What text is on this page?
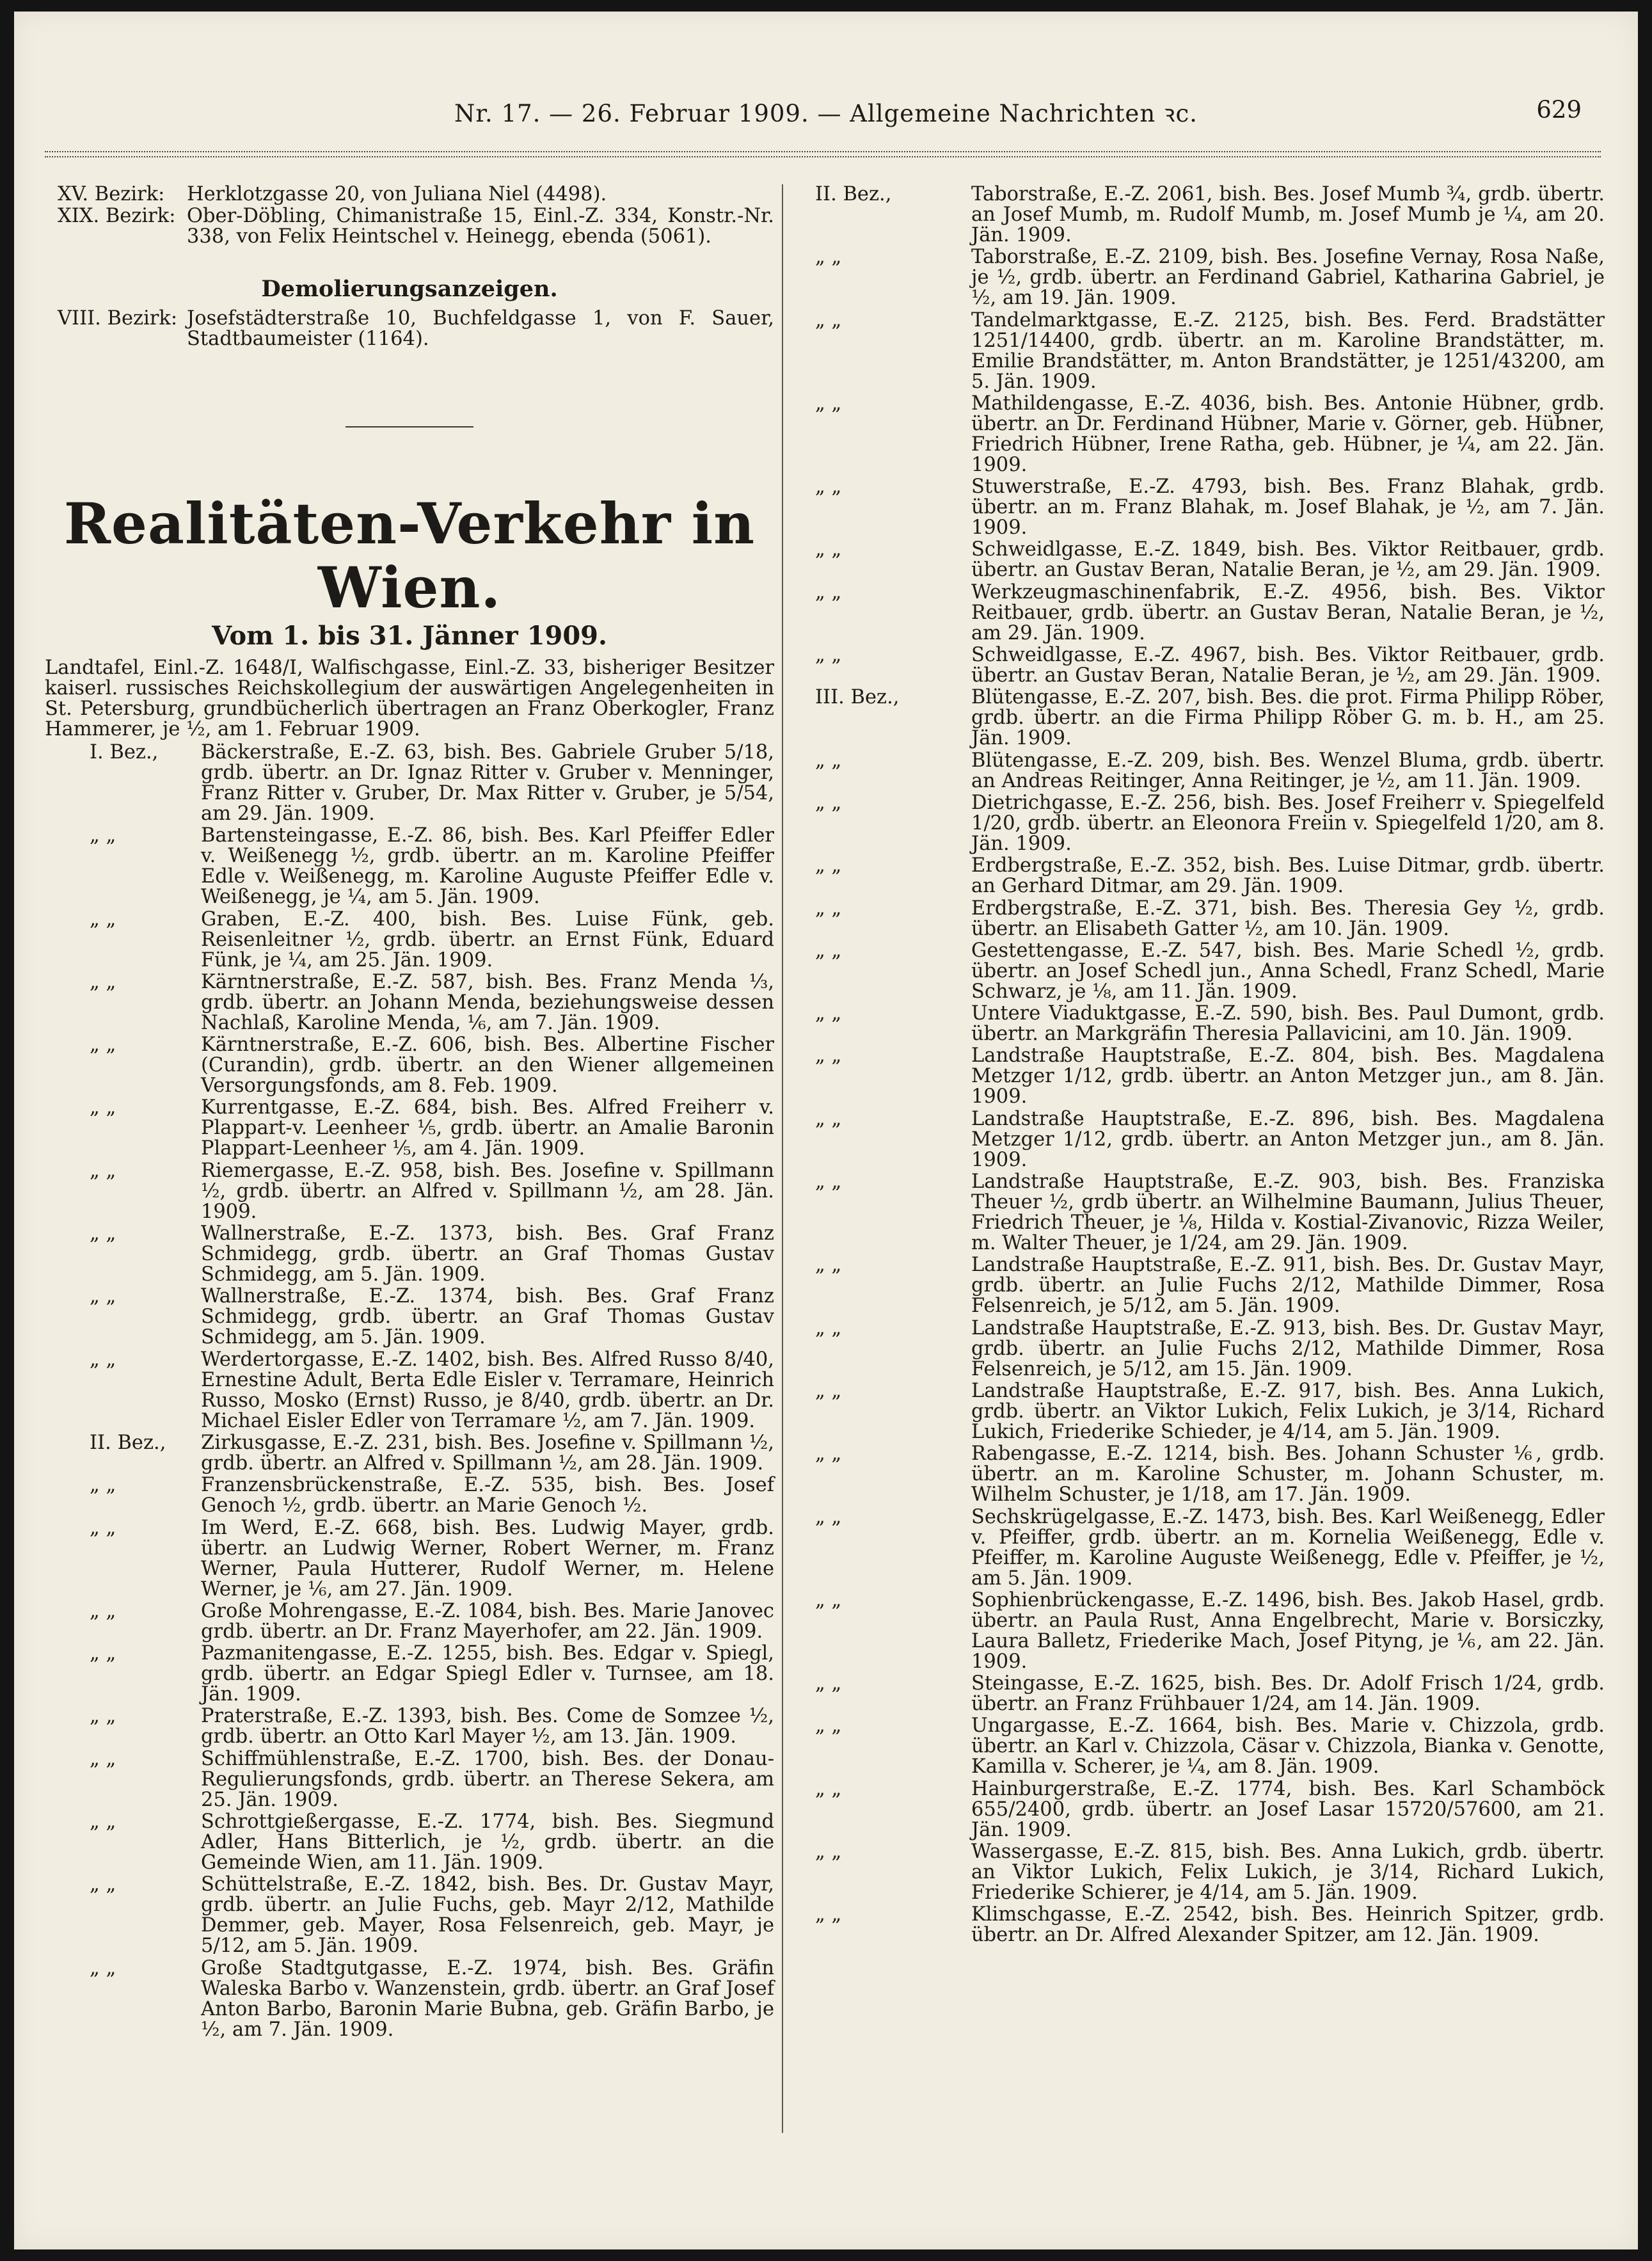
Nr. 17. — 26. Februar 1909. — Allgemeine Nachrichten ꝛc.	629
XV. Bezirk: Herklotzgasse 20, von Juliana Niel (4498).
XIX. Bezirk: Ober-Döbling, Chimanistraße 15, Einl.-Z. 334, Konstr.-Nr. 338, von Felix Heintschel v. Heinegg, ebenda (5061).
Demolierungsanzeigen.
VIII. Bezirk: Josefstädterstraße 10, Buchfeldgasse 1, von F. Sauer, Stadtbaumeister (1164).
Realitäten-Verkehr in Wien.
Vom 1. bis 31. Jänner 1909.
Landtafel, Einl.-Z. 1648/I, Walfischgasse, Einl.-Z. 33, bisheriger Besitzer kaiserl. russisches Reichskollegium der auswärtigen Angelegenheiten in St. Petersburg, grundbücherlich übertragen an Franz Oberkogler, Franz Hammerer, je ½, am 1. Februar 1909.
I. Bez.,	Bäckerstraße, E.-Z. 63, bish. Bes. Gabriele Gruber 5/18, grdb. übertr. an Dr. Ignaz Ritter v. Gruber v. Menninger, Franz Ritter v. Gruber, Dr. Max Ritter v. Gruber, je 5/54, am 29. Jän. 1909.
„ „	Bartensteingasse, E.-Z. 86, bish. Bes. Karl Pfeiffer Edler v. Weißenegg ½, grdb. übertr. an m. Karoline Pfeiffer Edle v. Weißenegg, m. Karoline Auguste Pfeiffer Edle v. Weißenegg, je ¼, am 5. Jän. 1909.
„ „	Graben, E.-Z. 400, bish. Bes. Luise Fünk, geb. Reisenleitner ½, grdb. übertr. an Ernst Fünk, Eduard Fünk, je ¼, am 25. Jän. 1909.
„ „	Kärntnerstraße, E.-Z. 587, bish. Bes. Franz Menda ⅓, grdb. übertr. an Johann Menda, beziehungsweise dessen Nachlaß, Karoline Menda, ⅙, am 7. Jän. 1909.
„ „	Kärntnerstraße, E.-Z. 606, bish. Bes. Albertine Fischer (Curandin), grdb. übertr. an den Wiener allgemeinen Versorgungsfonds, am 8. Feb. 1909.
„ „	Kurrentgasse, E.-Z. 684, bish. Bes. Alfred Freiherr v. Plappart-v. Leenheer ⅕, grdb. übertr. an Amalie Baronin Plappart-Leenheer ⅕, am 4. Jän. 1909.
„ „	Riemergasse, E.-Z. 958, bish. Bes. Josefine v. Spillmann ½, grdb. übertr. an Alfred v. Spillmann ½, am 28. Jän. 1909.
„ „	Wallnerstraße, E.-Z. 1373, bish. Bes. Graf Franz Schmidegg, grdb. übertr. an Graf Thomas Gustav Schmidegg, am 5. Jän. 1909.
„ „	Wallnerstraße, E.-Z. 1374, bish. Bes. Graf Franz Schmidegg, grdb. übertr. an Graf Thomas Gustav Schmidegg, am 5. Jän. 1909.
„ „	Werdertorgasse, E.-Z. 1402, bish. Bes. Alfred Russo 8/40, Ernestine Adult, Berta Edle Eisler v. Terramare, Heinrich Russo, Mosko (Ernst) Russo, je 8/40, grdb. übertr. an Dr. Michael Eisler Edler von Terramare ½, am 7. Jän. 1909.
II. Bez.,	Zirkusgasse, E.-Z. 231, bish. Bes. Josefine v. Spillmann ½, grdb. übertr. an Alfred v. Spillmann ½, am 28. Jän. 1909.
„ „	Franzensbrückenstraße, E.-Z. 535, bish. Bes. Josef Genoch ½, grdb. übertr. an Marie Genoch ½.
„ „	Im Werd, E.-Z. 668, bish. Bes. Ludwig Mayer, grdb. übertr. an Ludwig Werner, Robert Werner, m. Franz Werner, Paula Hutterer, Rudolf Werner, m. Helene Werner, je ⅙, am 27. Jän. 1909.
„ „	Große Mohrengasse, E.-Z. 1084, bish. Bes. Marie Janovec grdb. übertr. an Dr. Franz Mayerhofer, am 22. Jän. 1909.
„ „	Pazmanitengasse, E.-Z. 1255, bish. Bes. Edgar v. Spiegl, grdb. übertr. an Edgar Spiegl Edler v. Turnsee, am 18. Jän. 1909.
„ „	Praterstraße, E.-Z. 1393, bish. Bes. Come de Somzee ½, grdb. übertr. an Otto Karl Mayer ½, am 13. Jän. 1909.
„ „	Schiffmühlenstraße, E.-Z. 1700, bish. Bes. der Donau-Regulierungsfonds, grdb. übertr. an Therese Sekera, am 25. Jän. 1909.
„ „	Schrottgießergasse, E.-Z. 1774, bish. Bes. Siegmund Adler, Hans Bitterlich, je ½, grdb. übertr. an die Gemeinde Wien, am 11. Jän. 1909.
„ „	Schüttelstraße, E.-Z. 1842, bish. Bes. Dr. Gustav Mayr, grdb. übertr. an Julie Fuchs, geb. Mayr 2/12, Mathilde Demmer, geb. Mayer, Rosa Felsenreich, geb. Mayr, je 5/12, am 5. Jän. 1909.
„ „	Große Stadtgutgasse, E.-Z. 1974, bish. Bes. Gräfin Waleska Barbo v. Wanzenstein, grdb. übertr. an Graf Josef Anton Barbo, Baronin Marie Bubna, geb. Gräfin Barbo, je ½, am 7. Jän. 1909.
II. Bez.,	Taborstraße, E.-Z. 2061, bish. Bes. Josef Mumb ¾, grdb. übertr. an Josef Mumb, m. Rudolf Mumb, m. Josef Mumb je ¼, am 20. Jän. 1909.
„ „	Taborstraße, E.-Z. 2109, bish. Bes. Josefine Vernay, Rosa Naße, je ½, grdb. übertr. an Ferdinand Gabriel, Katharina Gabriel, je ½, am 19. Jän. 1909.
„ „	Tandelmarktgasse, E.-Z. 2125, bish. Bes. Ferd. Bradstätter 1251/14400, grdb. übertr. an m. Karoline Brandstätter, m. Emilie Brandstätter, m. Anton Brandstätter, je 1251/43200, am 5. Jän. 1909.
„ „	Mathildengasse, E.-Z. 4036, bish. Bes. Antonie Hübner, grdb. übertr. an Dr. Ferdinand Hübner, Marie v. Görner, geb. Hübner, Friedrich Hübner, Irene Ratha, geb. Hübner, je ¼, am 22. Jän. 1909.
„ „	Stuwerstraße, E.-Z. 4793, bish. Bes. Franz Blahak, grdb. übertr. an m. Franz Blahak, m. Josef Blahak, je ½, am 7. Jän. 1909.
„ „	Schweidlgasse, E.-Z. 1849, bish. Bes. Viktor Reitbauer, grdb. übertr. an Gustav Beran, Natalie Beran, je ½, am 29. Jän. 1909.
„ „	Werkzeugmaschinenfabrik, E.-Z. 4956, bish. Bes. Viktor Reitbauer, grdb. übertr. an Gustav Beran, Natalie Beran, je ½, am 29. Jän. 1909.
„ „	Schweidlgasse, E.-Z. 4967, bish. Bes. Viktor Reitbauer, grdb. übertr. an Gustav Beran, Natalie Beran, je ½, am 29. Jän. 1909.
III. Bez.,	Blütengasse, E.-Z. 207, bish. Bes. die prot. Firma Philipp Röber, grdb. übertr. an die Firma Philipp Röber G. m. b. H., am 25. Jän. 1909.
„ „	Blütengasse, E.-Z. 209, bish. Bes. Wenzel Bluma, grdb. übertr. an Andreas Reitinger, Anna Reitinger, je ½, am 11. Jän. 1909.
„ „	Dietrichgasse, E.-Z. 256, bish. Bes. Josef Freiherr v. Spiegelfeld 1/20, grdb. übertr. an Eleonora Freiin v. Spiegelfeld 1/20, am 8. Jän. 1909.
„ „	Erdbergstraße, E.-Z. 352, bish. Bes. Luise Ditmar, grdb. übertr. an Gerhard Ditmar, am 29. Jän. 1909.
„ „	Erdbergstraße, E.-Z. 371, bish. Bes. Theresia Gey ½, grdb. übertr. an Elisabeth Gatter ½, am 10. Jän. 1909.
„ „	Gestettengasse, E.-Z. 547, bish. Bes. Marie Schedl ½, grdb. übertr. an Josef Schedl jun., Anna Schedl, Franz Schedl, Marie Schwarz, je ⅛, am 11. Jän. 1909.
„ „	Untere Viaduktgasse, E.-Z. 590, bish. Bes. Paul Dumont, grdb. übertr. an Markgräfin Theresia Pallavicini, am 10. Jän. 1909.
„ „	Landstraße Hauptstraße, E.-Z. 804, bish. Bes. Magdalena Metzger 1/12, grdb. übertr. an Anton Metzger jun., am 8. Jän. 1909.
„ „	Landstraße Hauptstraße, E.-Z. 896, bish. Bes. Magdalena Metzger 1/12, grdb. übertr. an Anton Metzger jun., am 8. Jän. 1909.
„ „	Landstraße Hauptstraße, E.-Z. 903, bish. Bes. Franziska Theuer ½, grdb übertr. an Wilhelmine Baumann, Julius Theuer, Friedrich Theuer, je ⅛, Hilda v. Kostial-Zivanovic, Rizza Weiler, m. Walter Theuer, je 1/24, am 29. Jän. 1909.
„ „	Landstraße Hauptstraße, E.-Z. 911, bish. Bes. Dr. Gustav Mayr, grdb. übertr. an Julie Fuchs 2/12, Mathilde Dimmer, Rosa Felsenreich, je 5/12, am 5. Jän. 1909.
„ „	Landstraße Hauptstraße, E.-Z. 913, bish. Bes. Dr. Gustav Mayr, grdb. übertr. an Julie Fuchs 2/12, Mathilde Dimmer, Rosa Felsenreich, je 5/12, am 15. Jän. 1909.
„ „	Landstraße Hauptstraße, E.-Z. 917, bish. Bes. Anna Lukich, grdb. übertr. an Viktor Lukich, Felix Lukich, je 3/14, Richard Lukich, Friederike Schieder, je 4/14, am 5. Jän. 1909.
„ „	Rabengasse, E.-Z. 1214, bish. Bes. Johann Schuster ⅙, grdb. übertr. an m. Karoline Schuster, m. Johann Schuster, m. Wilhelm Schuster, je 1/18, am 17. Jän. 1909.
„ „	Sechskrügelgasse, E.-Z. 1473, bish. Bes. Karl Weißenegg, Edler v. Pfeiffer, grdb. übertr. an m. Kornelia Weißenegg, Edle v. Pfeiffer, m. Karoline Auguste Weißenegg, Edle v. Pfeiffer, je ½, am 5. Jän. 1909.
„ „	Sophienbrückengasse, E.-Z. 1496, bish. Bes. Jakob Hasel, grdb. übertr. an Paula Rust, Anna Engelbrecht, Marie v. Borsiczky, Laura Balletz, Friederike Mach, Josef Pityng, je ⅙, am 22. Jän. 1909.
„ „	Steingasse, E.-Z. 1625, bish. Bes. Dr. Adolf Frisch 1/24, grdb. übertr. an Franz Frühbauer 1/24, am 14. Jän. 1909.
„ „	Ungargasse, E.-Z. 1664, bish. Bes. Marie v. Chizzola, grdb. übertr. an Karl v. Chizzola, Cäsar v. Chizzola, Bianka v. Genotte, Kamilla v. Scherer, je ¼, am 8. Jän. 1909.
„ „	Hainburgerstraße, E.-Z. 1774, bish. Bes. Karl Schamböck 655/2400, grdb. übertr. an Josef Lasar 15720/57600, am 21. Jän. 1909.
„ „	Wassergasse, E.-Z. 815, bish. Bes. Anna Lukich, grdb. übertr. an Viktor Lukich, Felix Lukich, je 3/14, Richard Lukich, Friederike Schierer, je 4/14, am 5. Jän. 1909.
„ „	Klimschgasse, E.-Z. 2542, bish. Bes. Heinrich Spitzer, grdb. übertr. an Dr. Alfred Alexander Spitzer, am 12. Jän. 1909.
